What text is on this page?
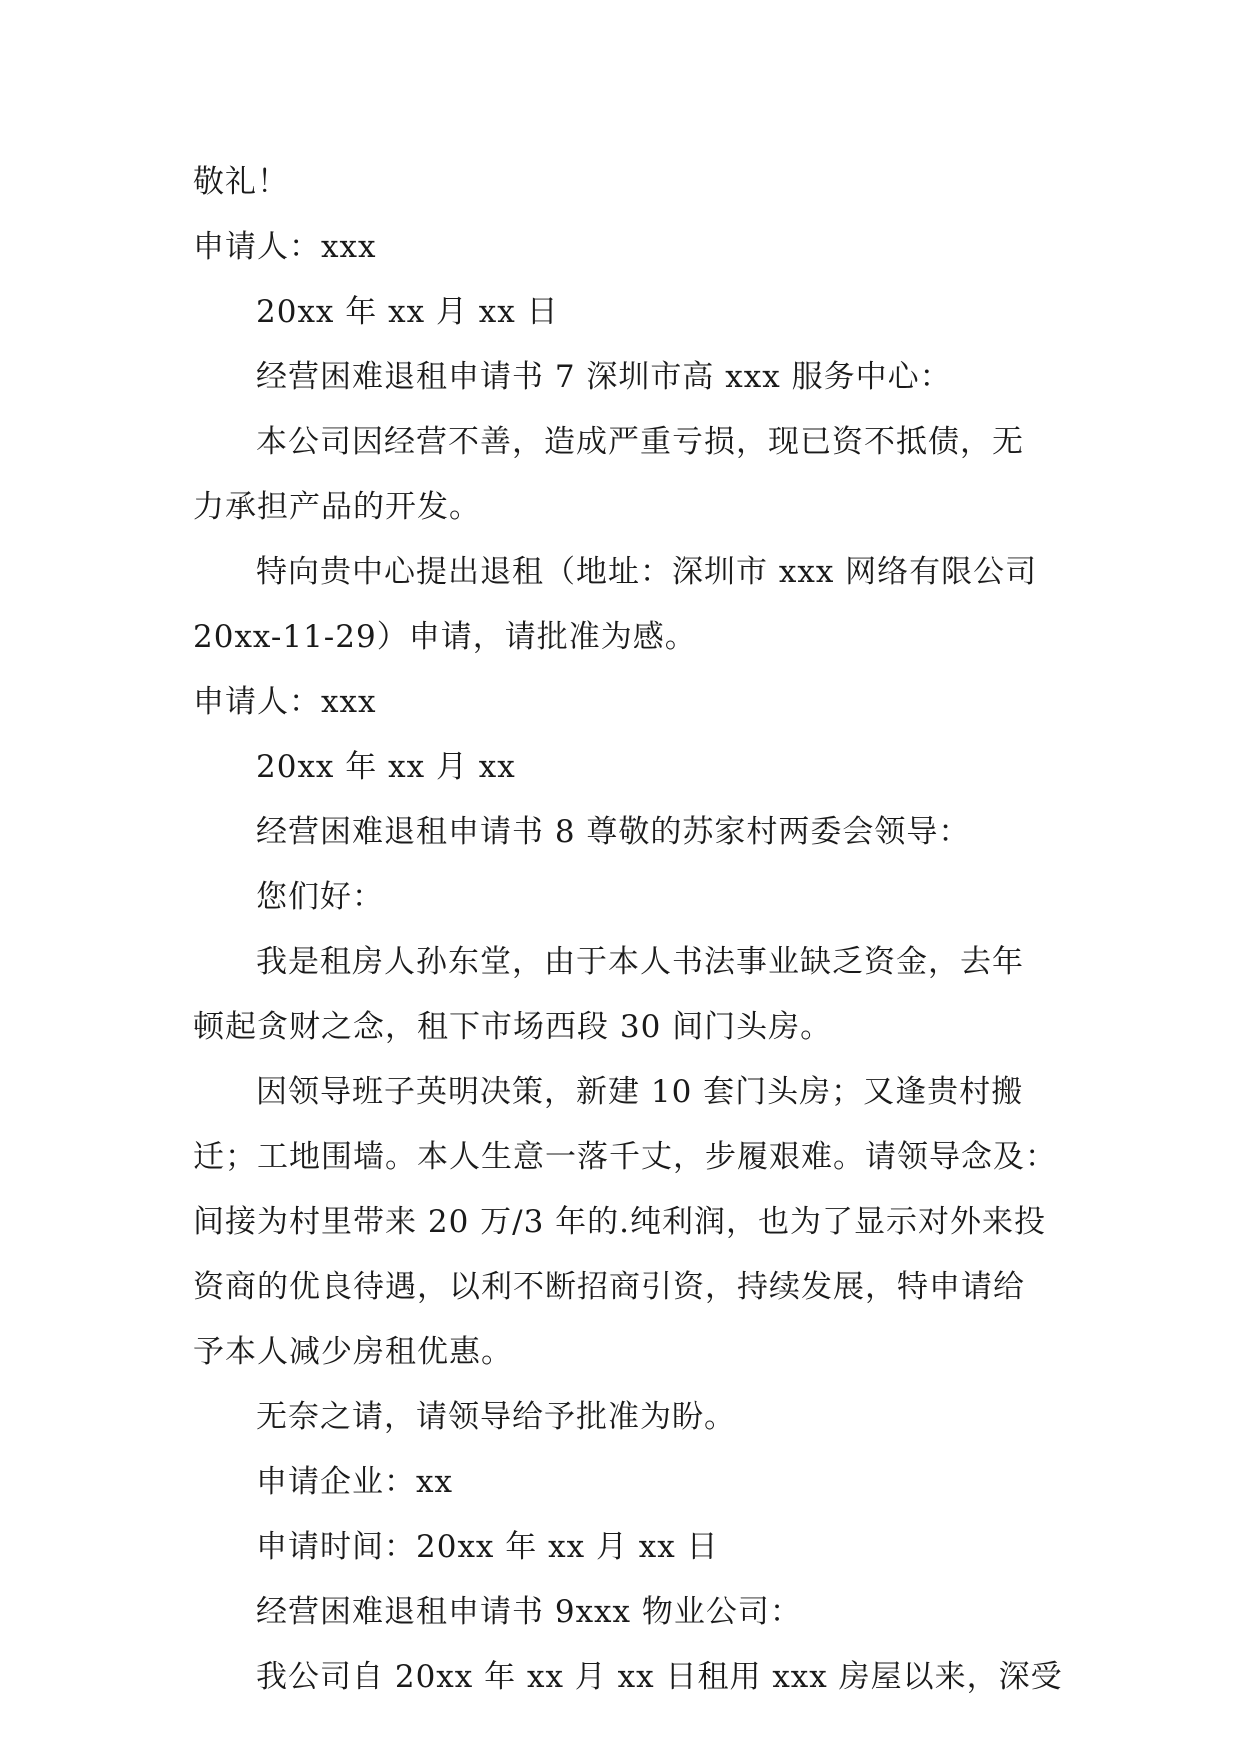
敬礼！
申请人：xxx
20xx 年 xx 月 xx 日
经营困难退租申请书 7 深圳市高 xxx 服务中心：
本公司因经营不善，造成严重亏损，现已资不抵债，无
力承担产品的开发。
特向贵中心提出退租（地址：深圳市 xxx 网络有限公司
20xx-11-29）申请，请批准为感。
申请人：xxx
20xx 年 xx 月 xx
经营困难退租申请书 8 尊敬的苏家村两委会领导：
您们好：
我是租房人孙东堂，由于本人书法事业缺乏资金，去年
顿起贪财之念，租下市场西段 30 间门头房。
因领导班子英明决策，新建 10 套门头房；又逢贵村搬
迁；工地围墙。本人生意一落千丈，步履艰难。请领导念及：
间接为村里带来 20 万/3 年的.纯利润，也为了显示对外来投
资商的优良待遇，以利不断招商引资，持续发展，特申请给
予本人减少房租优惠。
无奈之请，请领导给予批准为盼。
申请企业：xx
申请时间：20xx 年 xx 月 xx 日
经营困难退租申请书 9xxx 物业公司：
我公司自 20xx 年 xx 月 xx 日租用 xxx 房屋以来，深受
